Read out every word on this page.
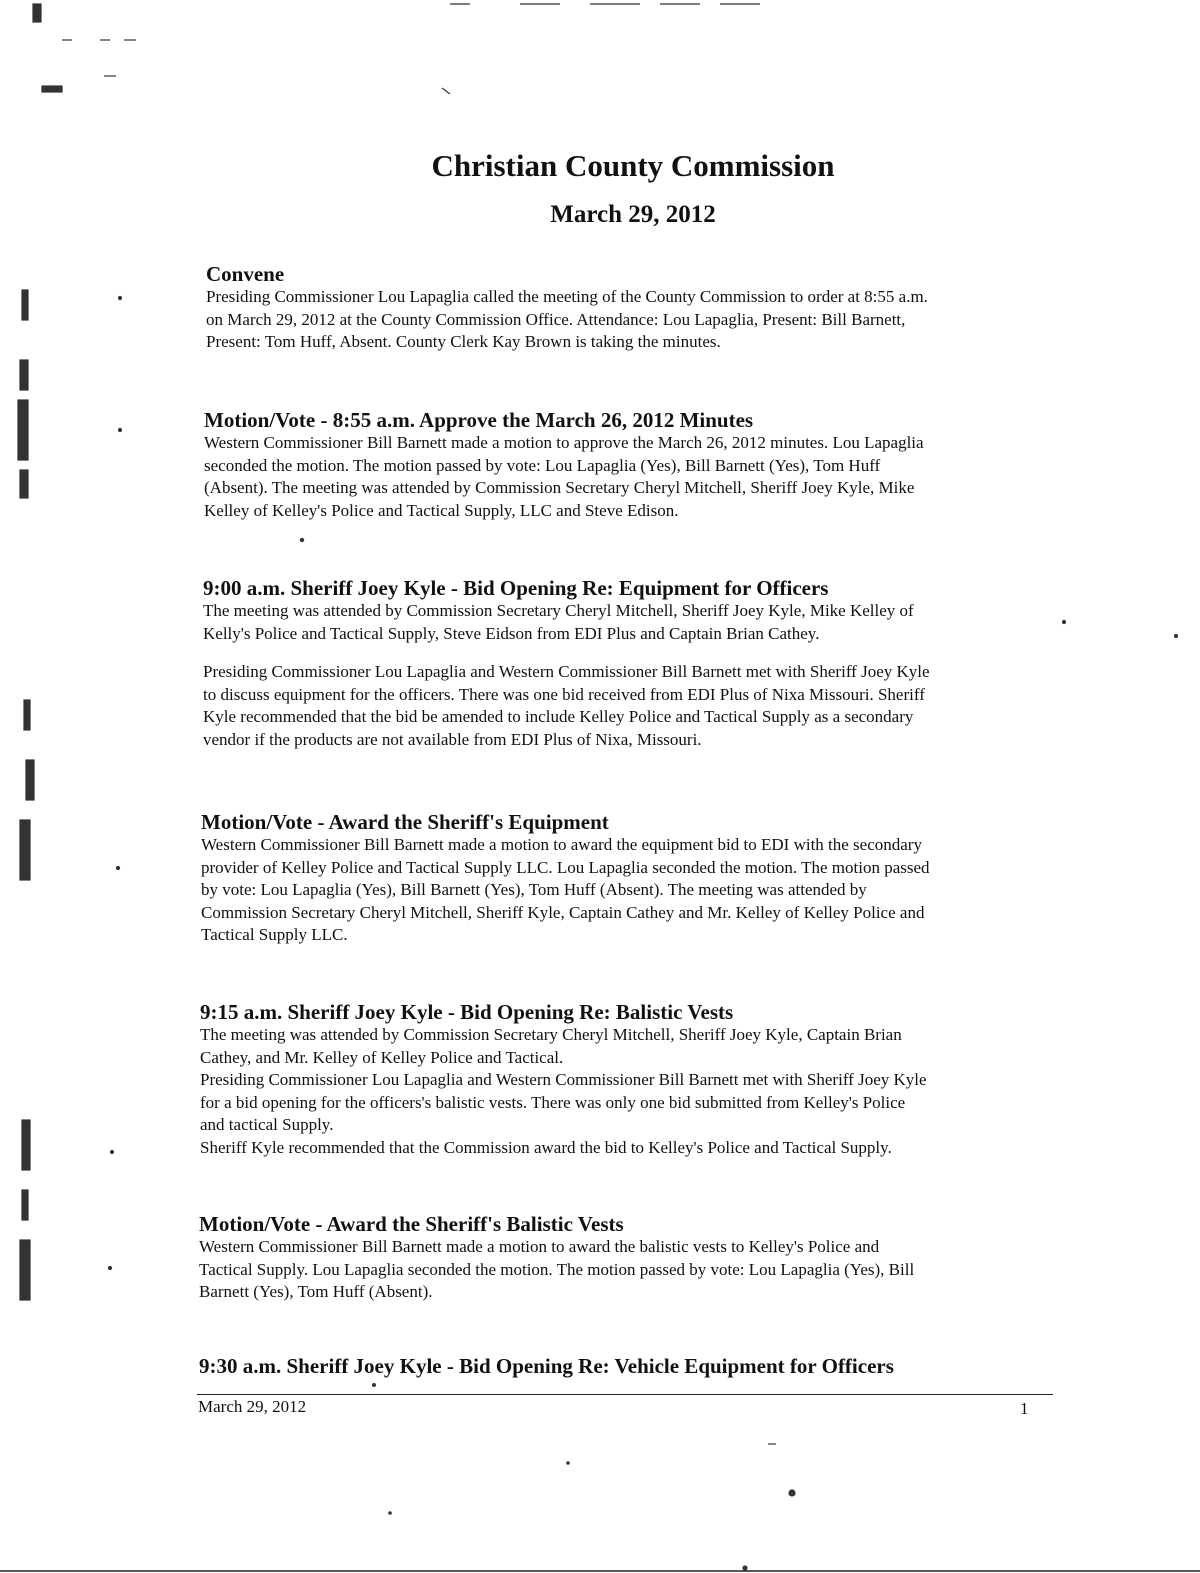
Christian County Commission
March 29, 2012
Convene

Presiding Commissioner Lou Lapaglia called the meeting of the County Commission to order at 8:55 a.m.
on March 29, 2012 at the County Commission Office. Attendance: Lou Lapaglia, Present: Bill Barnett,
Present: Tom Huff, Absent. County Clerk Kay Brown is taking the minutes.

Motion/Vote - 8:55 a.m. Approve the March 26, 2012 Minutes

Western Commissioner Bill Barnett made a motion to approve the March 26, 2012 minutes. Lou Lapaglia
seconded the motion. The motion passed by vote: Lou Lapaglia (Yes), Bill Barnett (Yes), Tom Huff
(Absent). The meeting was attended by Commission Secretary Cheryl Mitchell, Sheriff Joey Kyle, Mike
Kelley of Kelley's Police and Tactical Supply, LLC and Steve Edison.

9:00 a.m. Sheriff Joey Kyle - Bid Opening Re: Equipment for Officers

The meeting was attended by Commission Secretary Cheryl Mitchell, Sheriff Joey Kyle, Mike Kelley of
Kelly's Police and Tactical Supply, Steve Eidson from EDI Plus and Captain Brian Cathey.

Presiding Commissioner Lou Lapaglia and Western Commissioner Bill Barnett met with Sheriff Joey Kyle
to discuss equipment for the officers. There was one bid received from EDI Plus of Nixa Missouri. Sheriff
Kyle recommended that the bid be amended to include Kelley Police and Tactical Supply as a secondary
vendor if the products are not available from EDI Plus of Nixa, Missouri.

Motion/Vote - Award the Sheriff's Equipment

Western Commissioner Bill Barnett made a motion to award the equipment bid to EDI with the secondary
provider of Kelley Police and Tactical Supply LLC. Lou Lapaglia seconded the motion. The motion passed
by vote: Lou Lapaglia (Yes), Bill Barnett (Yes), Tom Huff (Absent). The meeting was attended by
Commission Secretary Cheryl Mitchell, Sheriff Kyle, Captain Cathey and Mr. Kelley of Kelley Police and
Tactical Supply LLC.

9:15 a.m. Sheriff Joey Kyle - Bid Opening Re: Balistic Vests

The meeting was attended by Commission Secretary Cheryl Mitchell, Sheriff Joey Kyle, Captain Brian
Cathey, and Mr. Kelley of Kelley Police and Tactical.

Presiding Commissioner Lou Lapaglia and Western Commissioner Bill Barnett met with Sheriff Joey Kyle
for a bid opening for the officers's balistic vests. There was only one bid submitted from Kelley's Police
and tactical Supply.

Sheriff Kyle recommended that the Commission award the bid to Kelley's Police and Tactical Supply.

Motion/Vote - Award the Sheriff's Balistic Vests

Western Commissioner Bill Barnett made a motion to award the balistic vests to Kelley's Police and
Tactical Supply. Lou Lapaglia seconded the motion. The motion passed by vote: Lou Lapaglia (Yes), Bill
Barnett (Yes), Tom Huff (Absent).

9:30 a.m. Sheriff Joey Kyle - Bid Opening Re: Vehicle Equipment for Officers
March 29, 2012	1
